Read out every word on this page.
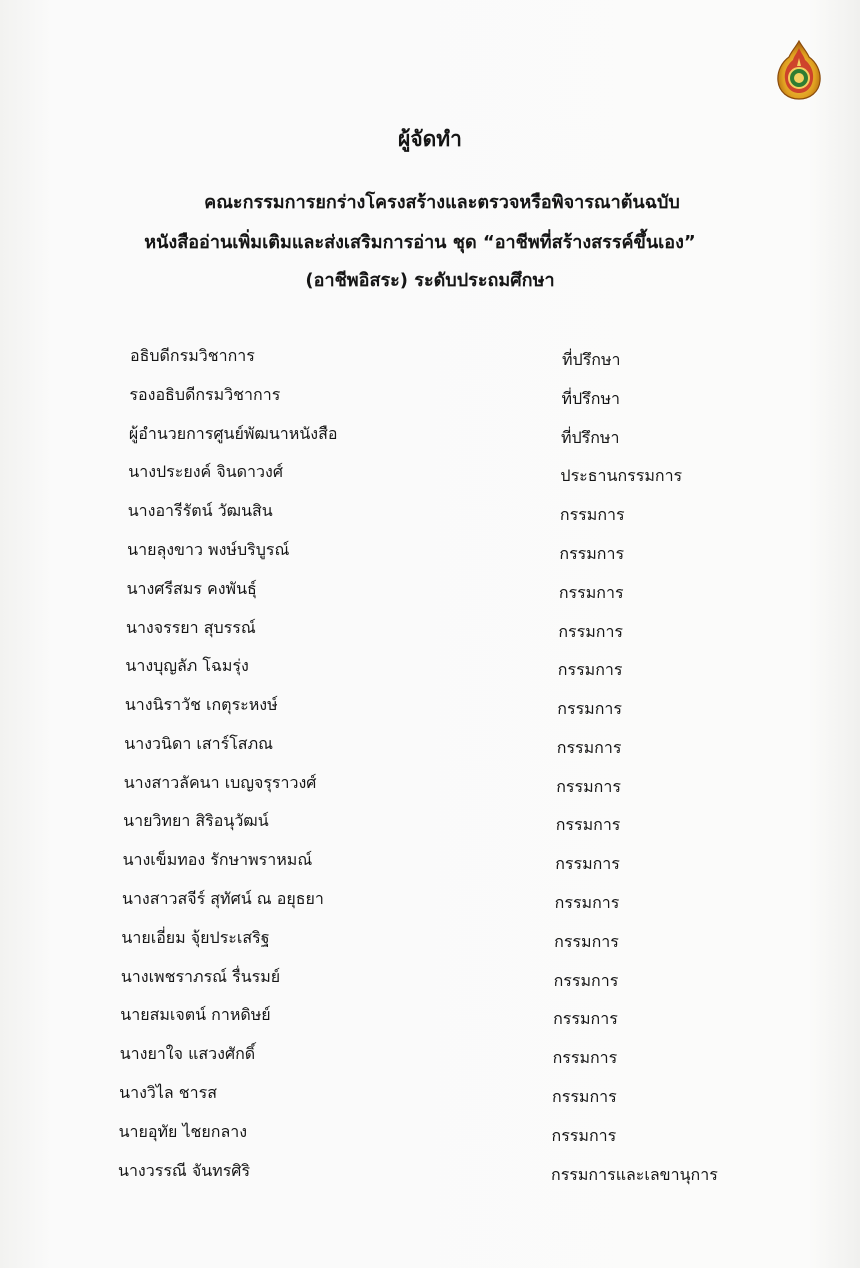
ผู้จัดทำ
คณะกรรมการยกร่างโครงสร้างและตรวจหรือพิจารณาต้นฉบับ
หนังสืออ่านเพิ่มเติมและส่งเสริมการอ่าน ชุด “อาชีพที่สร้างสรรค์ขึ้นเอง”
(อาชีพอิสระ) ระดับประถมศึกษา
อธิบดีกรมวิชาการ	ที่ปรึกษา
รองอธิบดีกรมวิชาการ	ที่ปรึกษา
ผู้อำนวยการศูนย์พัฒนาหนังสือ	ที่ปรึกษา
นางประยงค์ จินดาวงศ์	ประธานกรรมการ
นางอารีรัตน์ วัฒนสิน	กรรมการ
นายลุงขาว พงษ์บริบูรณ์	กรรมการ
นางศรีสมร คงพันธุ์	กรรมการ
นางจรรยา สุบรรณ์	กรรมการ
นางบุญลัภ โฉมรุ่ง	กรรมการ
นางนิราวัช เกตุระหงษ์	กรรมการ
นางวนิดา เสาร์โสภณ	กรรมการ
นางสาวลัคนา เบญจรุราวงศ์	กรรมการ
นายวิทยา สิริอนุวัฒน์	กรรมการ
นางเข็มทอง รักษาพราหมณ์	กรรมการ
นางสาวสจีร์ สุทัศน์ ณ อยุธยา	กรรมการ
นายเอี่ยม จุ้ยประเสริฐ	กรรมการ
นางเพชราภรณ์ รื่นรมย์	กรรมการ
นายสมเจตน์ กาหดิษย์	กรรมการ
นางยาใจ แสวงศักดิ์	กรรมการ
นางวิไล ชารส	กรรมการ
นายอุทัย ไชยกลาง	กรรมการ
นางวรรณี จันทรศิริ	กรรมการและเลขานุการ
